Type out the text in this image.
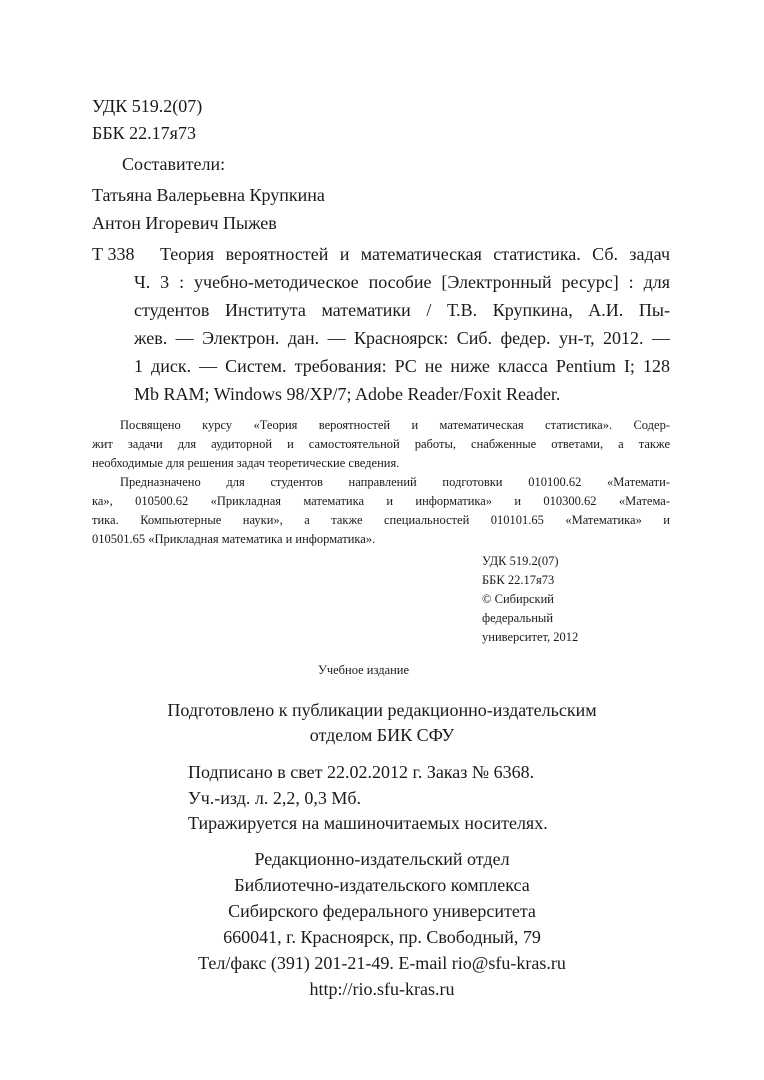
УДК 519.2(07)
ББК 22.17я73
Составители:
Татьяна Валерьевна Крупкина
Антон Игоревич Пыжев
Т 338 Теория вероятностей и математическая статистика. Сб. задач
Ч. 3 : учебно-методическое пособие [Электронный ресурс] : для
студентов Института математики / Т.В. Крупкина, А.И. Пы-
жев. — Электрон. дан. — Красноярск: Сиб. федер. ун-т, 2012. —
1 диск. — Систем. требования: PC не ниже класса Pentium I; 128
Mb RAM; Windows 98/XP/7; Adobe Reader/Foxit Reader.
Посвящено курсу «Теория вероятностей и математическая статистика». Содер-
жит задачи для аудиторной и самостоятельной работы, снабженные ответами, а также
необходимые для решения задач теоретические сведения.
Предназначено для студентов направлений подготовки 010100.62 «Математи-
ка», 010500.62 «Прикладная математика и информатика» и 010300.62 «Матема-
тика. Компьютерные науки», а также специальностей 010101.65 «Математика» и
010501.65 «Прикладная математика и информатика».
УДК 519.2(07)
ББК 22.17я73
© Сибирский
федеральный
университет, 2012
Учебное издание
Подготовлено к публикации редакционно-издательским
отделом БИК СФУ
Подписано в свет 22.02.2012 г. Заказ № 6368.
Уч.-изд. л. 2,2, 0,3 Мб.
Тиражируется на машиночитаемых носителях.
Редакционно-издательский отдел
Библиотечно-издательского комплекса
Сибирского федерального университета
660041, г. Красноярск, пр. Свободный, 79
Тел/факс (391) 201-21-49. E-mail rio@sfu-kras.ru
http://rio.sfu-kras.ru
